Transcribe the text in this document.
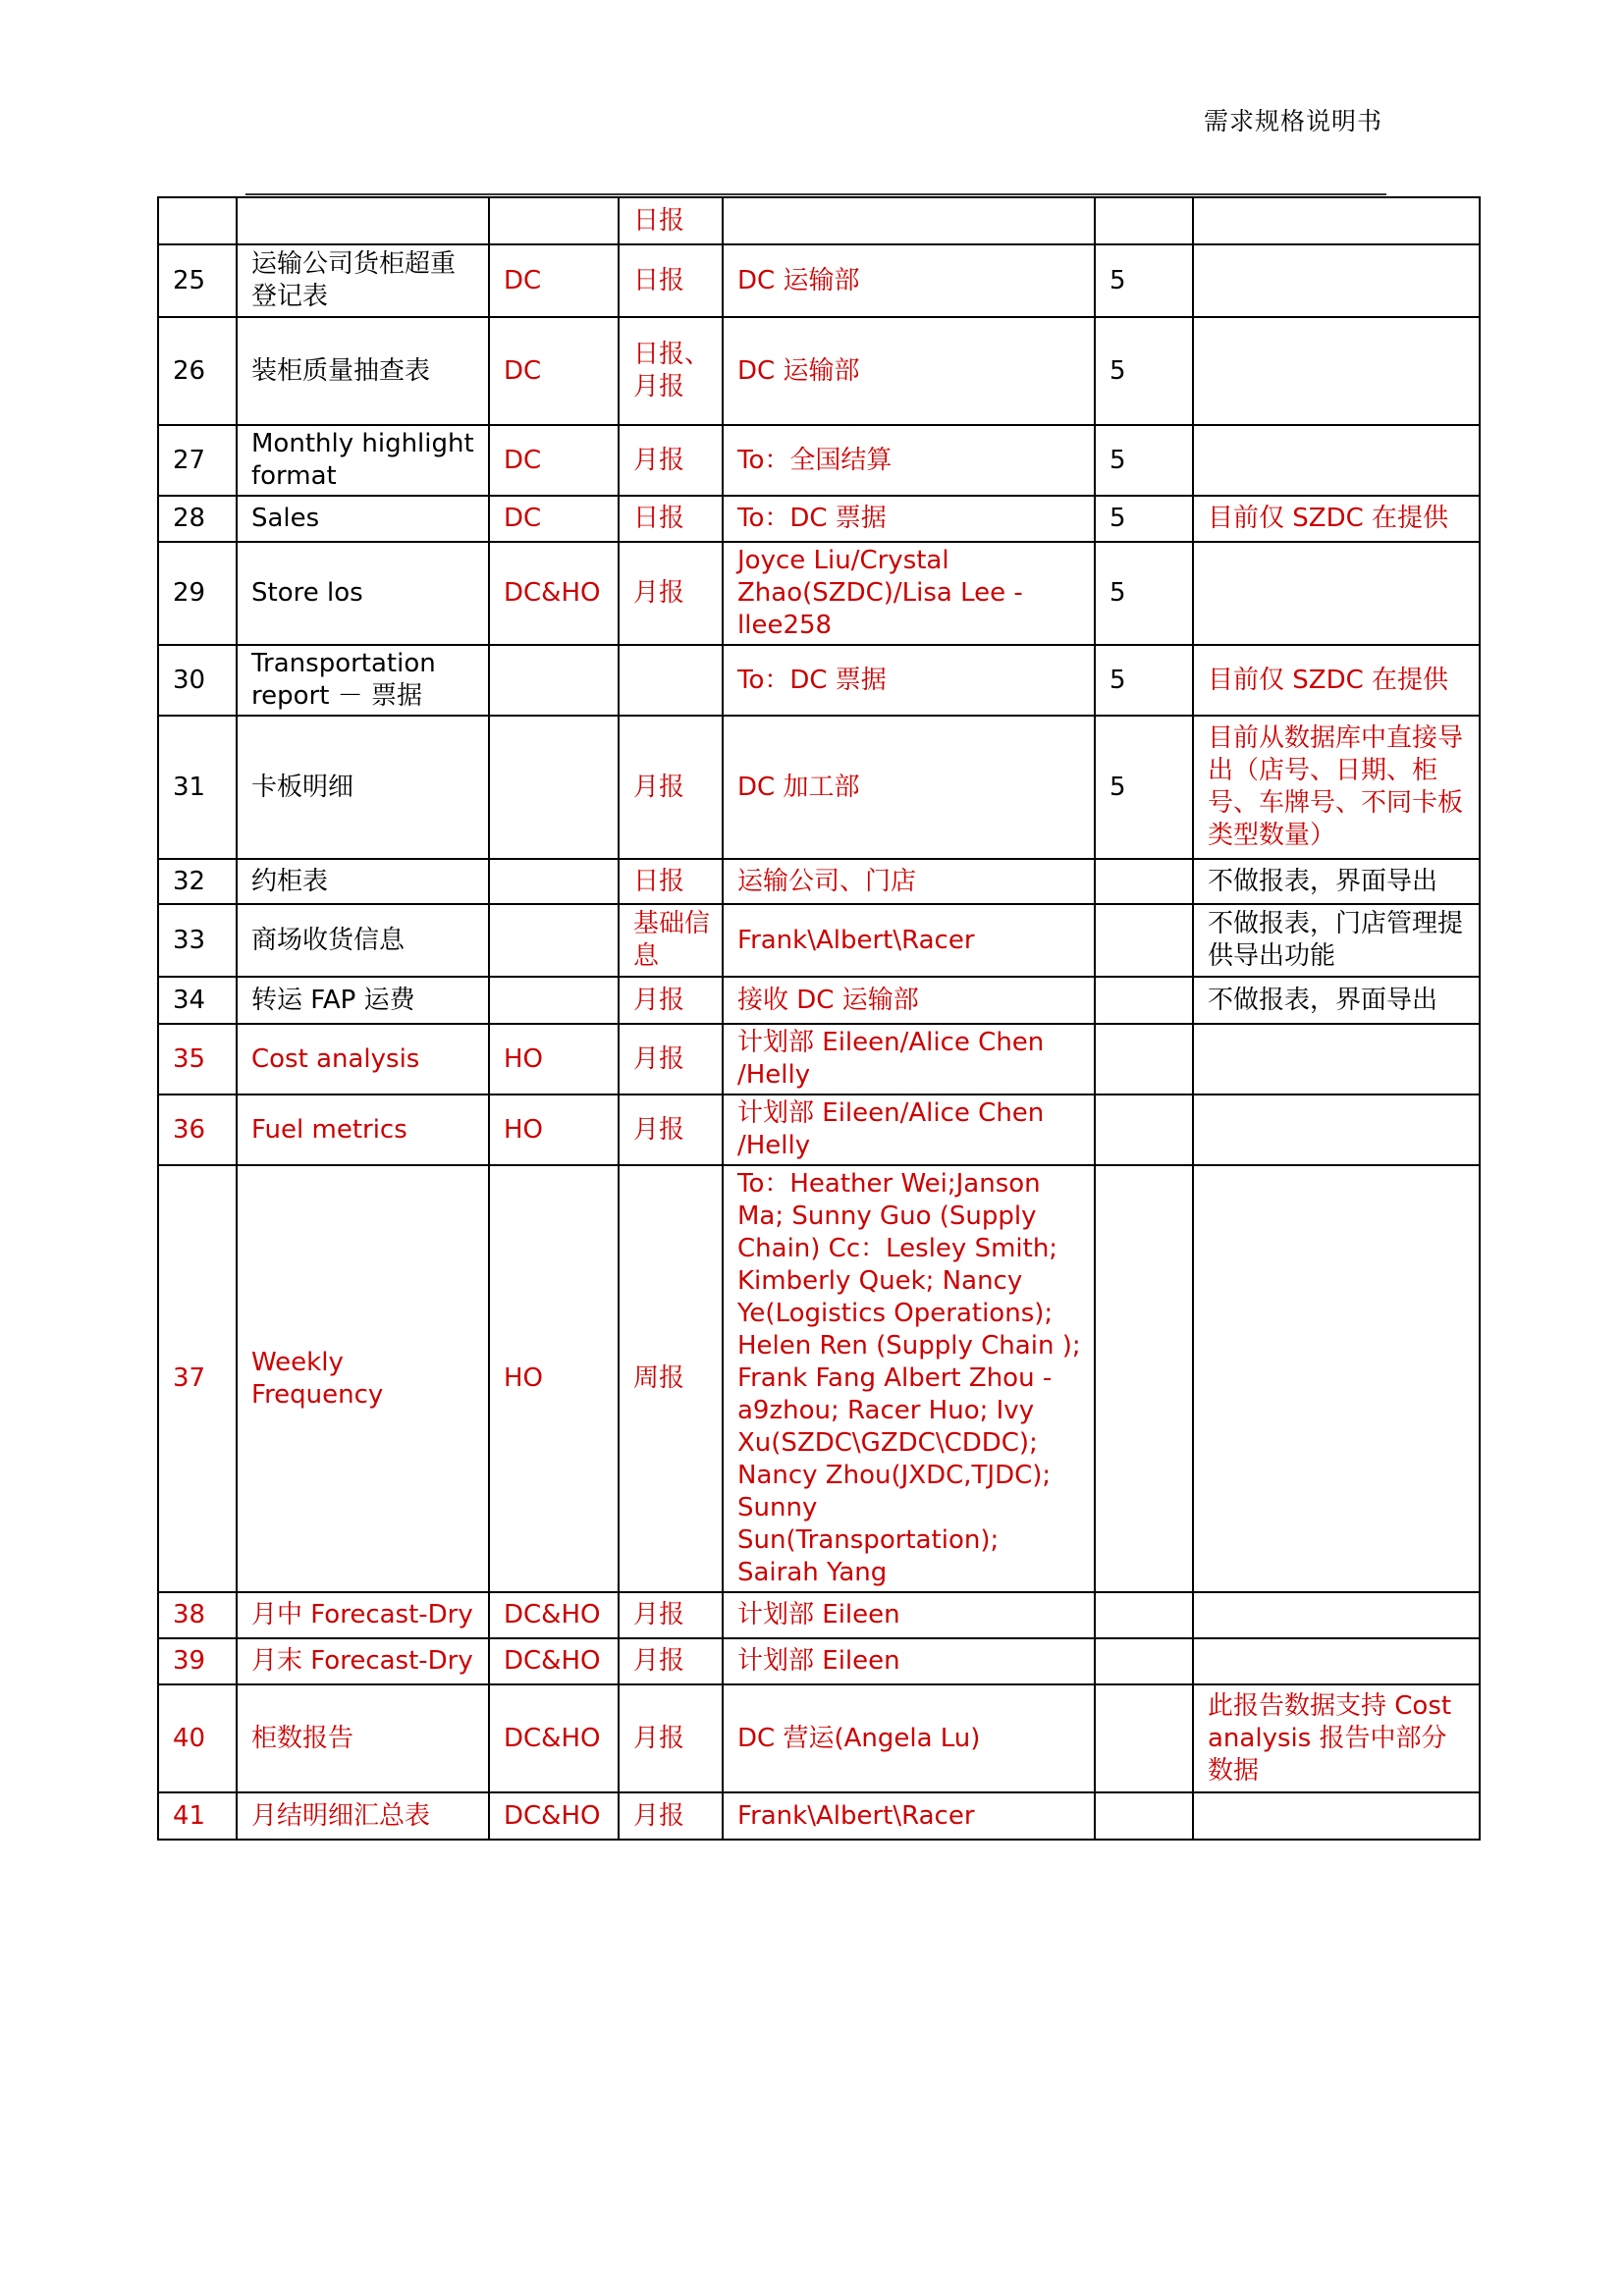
需求规格说明书
			日报			
25	运输公司货柜超重登记表	DC	日报	DC 运输部	5	
26	装柜质量抽查表	DC	日报、月报	DC 运输部	5	
27	Monthly highlight format	DC	月报	To：全国结算	5	
28	Sales	DC	日报	To：DC 票据	5	目前仅 SZDC 在提供
29	Store los	DC&HO	月报	Joyce Liu/Crystal Zhao(SZDC)/Lisa Lee - llee258	5	
30	Transportation report － 票据			To：DC 票据	5	目前仅 SZDC 在提供
31	卡板明细		月报	DC 加工部	5	目前从数据库中直接导出（店号、日期、柜号、车牌号、不同卡板类型数量）
32	约柜表		日报	运输公司、门店		不做报表，界面导出
33	商场收货信息		基础信息	Frank\Albert\Racer		不做报表，门店管理提供导出功能
34	转运 FAP 运费		月报	接收 DC 运输部		不做报表，界面导出
35	Cost analysis	HO	月报	计划部 Eileen/Alice Chen /Helly		
36	Fuel metrics	HO	月报	计划部 Eileen/Alice Chen /Helly		
37	Weekly Frequency	HO	周报	To：Heather Wei;Janson Ma; Sunny Guo (Supply Chain) Cc：Lesley Smith; Kimberly Quek; Nancy Ye(Logistics Operations); Helen Ren (Supply Chain ); Frank Fang Albert Zhou - a9zhou; Racer Huo; Ivy Xu(SZDC\GZDC\CDDC); Nancy Zhou(JXDC,TJDC); Sunny Sun(Transportation); Sairah Yang		
38	月中 Forecast-Dry	DC&HO	月报	计划部 Eileen		
39	月末 Forecast-Dry	DC&HO	月报	计划部 Eileen		
40	柜数报告	DC&HO	月报	DC 营运(Angela Lu)		此报告数据支持 Cost analysis 报告中部分数据
41	月结明细汇总表	DC&HO	月报	Frank\Albert\Racer		
